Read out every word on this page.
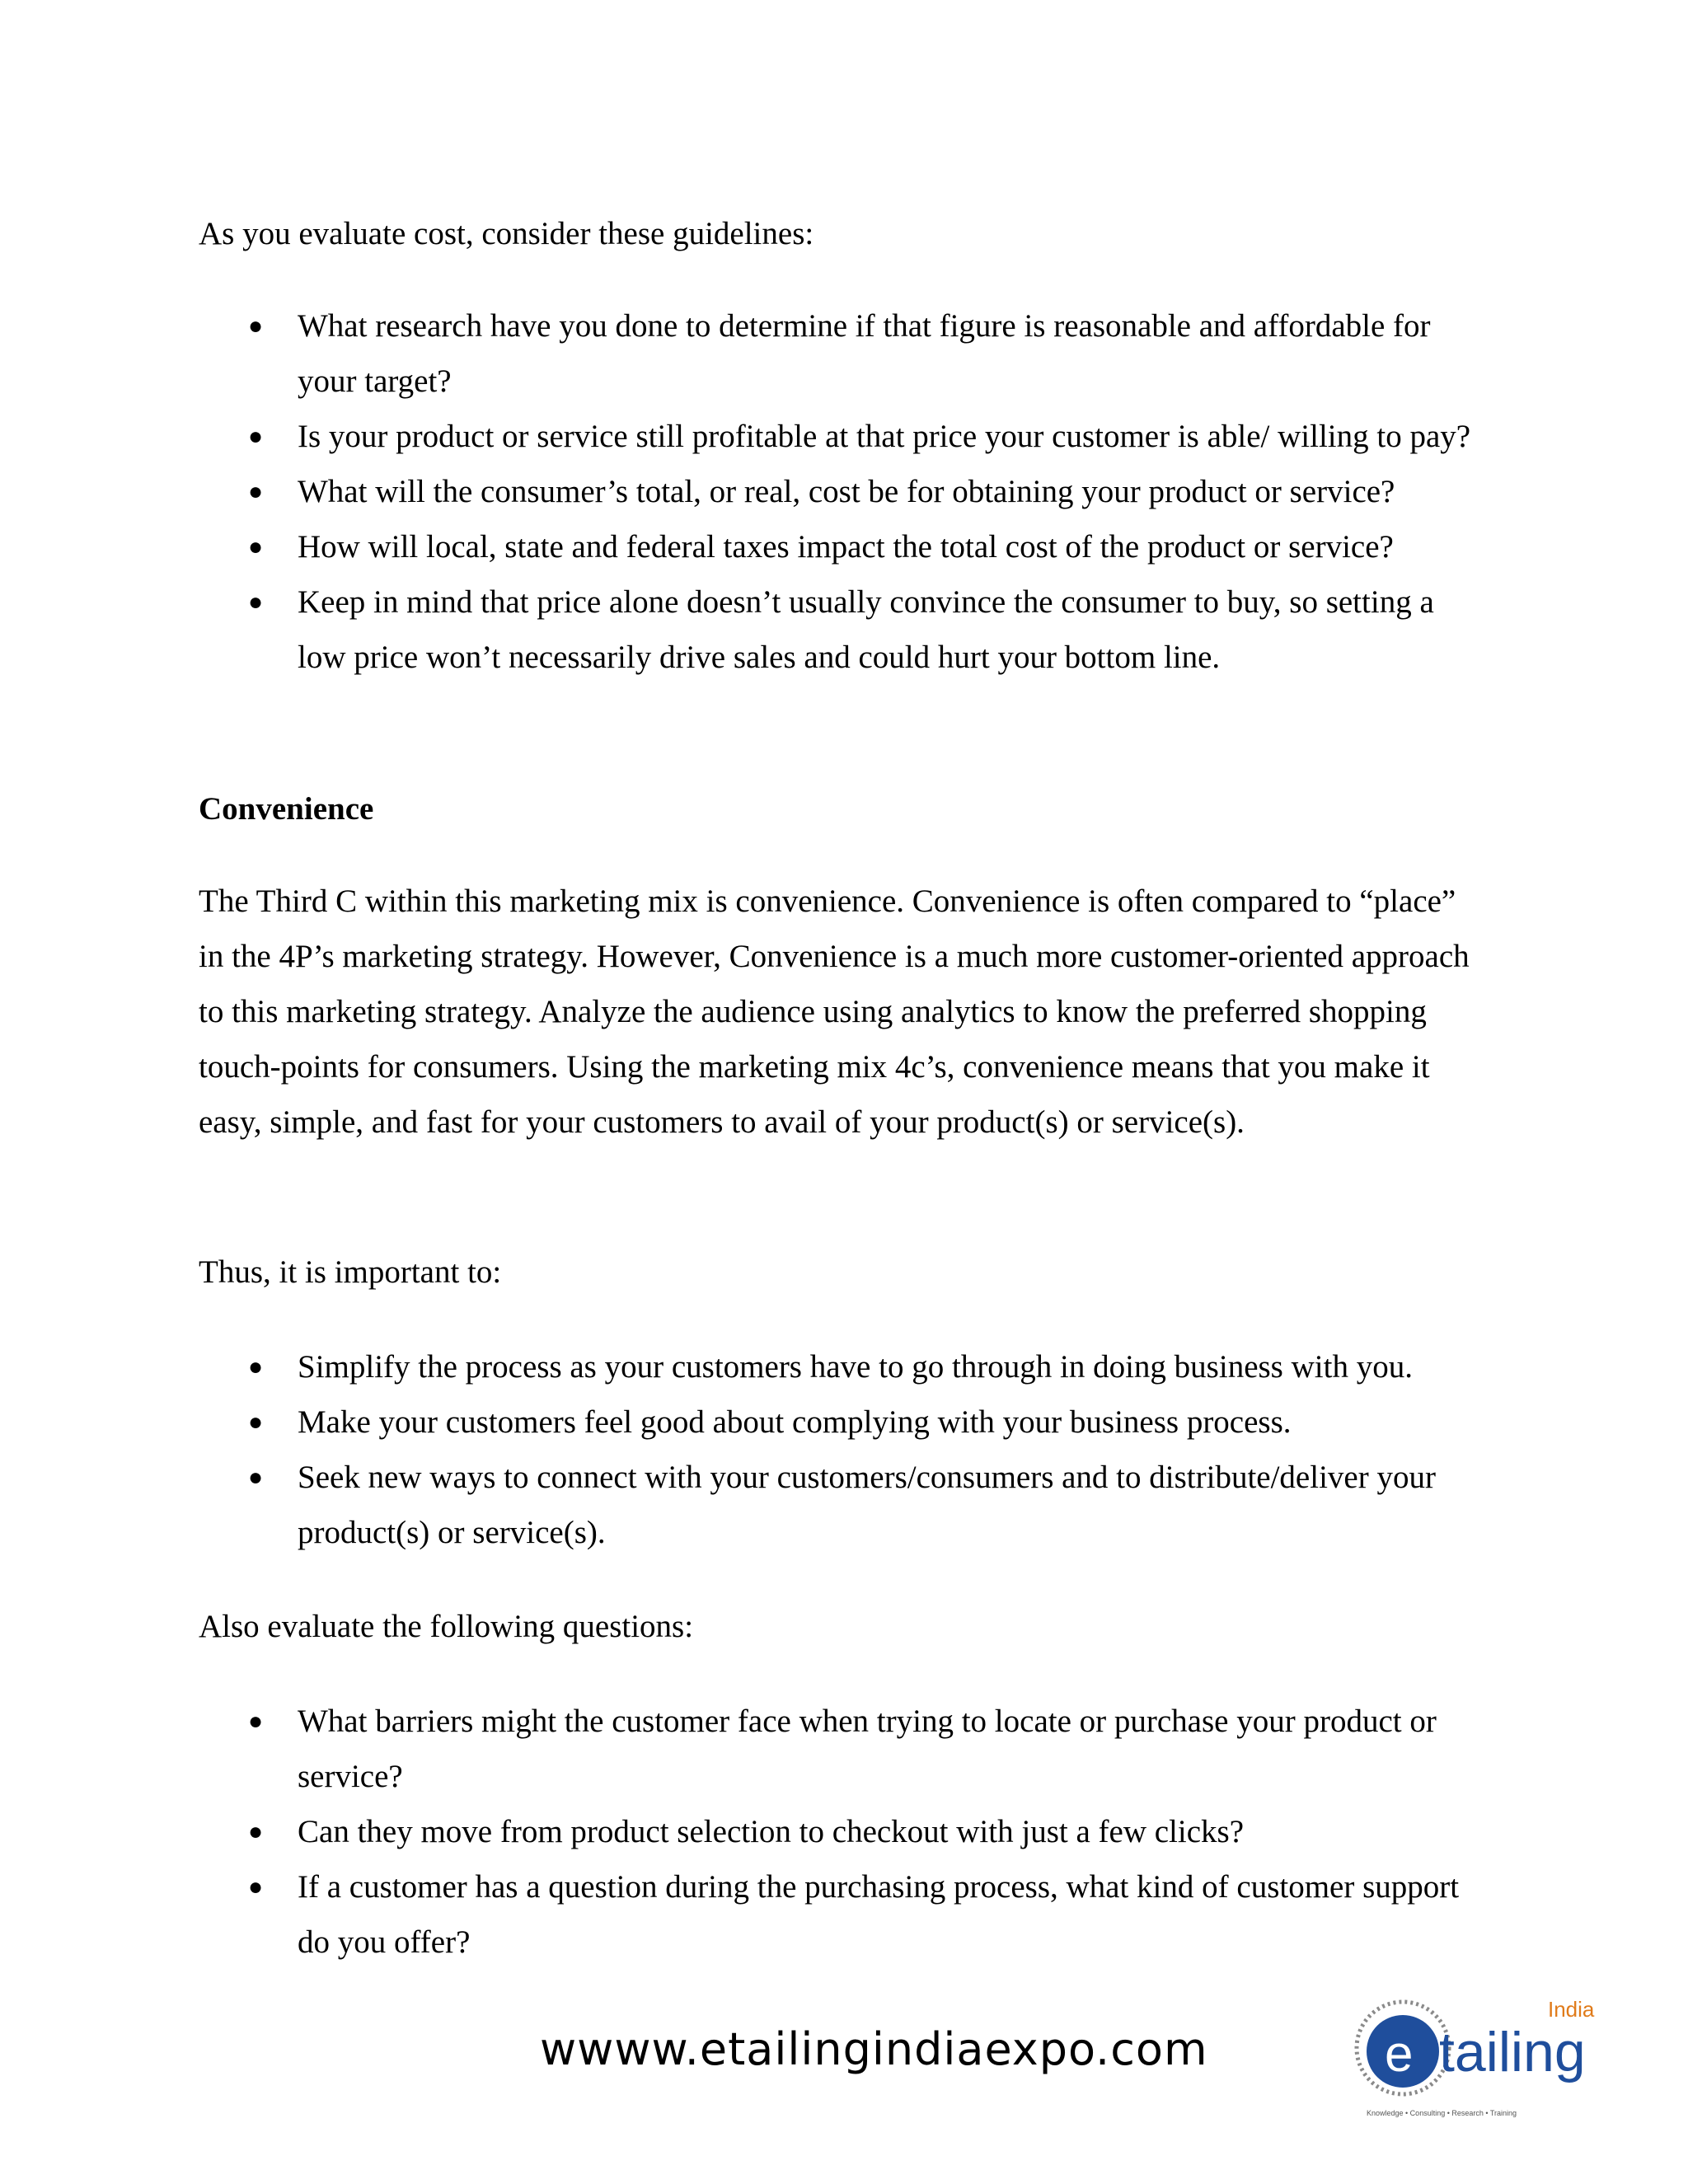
As you evaluate cost, consider these guidelines:

● What research have you done to determine if that figure is reasonable and affordable for your target?
● Is your product or service still profitable at that price your customer is able/ willing to pay?
● What will the consumer’s total, or real, cost be for obtaining your product or service?
● How will local, state and federal taxes impact the total cost of the product or service?
● Keep in mind that price alone doesn’t usually convince the consumer to buy, so setting a low price won’t necessarily drive sales and could hurt your bottom line.

Convenience

The Third C within this marketing mix is convenience. Convenience is often compared to “place” in the 4P’s marketing strategy. However, Convenience is a much more customer-oriented approach to this marketing strategy. Analyze the audience using analytics to know the preferred shopping touch-points for consumers. Using the marketing mix 4c’s, convenience means that you make it easy, simple, and fast for your customers to avail of your product(s) or service(s).

Thus, it is important to:

● Simplify the process as your customers have to go through in doing business with you.
● Make your customers feel good about complying with your business process.
● Seek new ways to connect with your customers/consumers and to distribute/deliver your product(s) or service(s).

Also evaluate the following questions:

● What barriers might the customer face when trying to locate or purchase your product or service?
● Can they move from product selection to checkout with just a few clicks?
● If a customer has a question during the purchasing process, what kind of customer support do you offer?
wwww.etailingindiaexpo.com	e tailing
India
Knowledge • Consulting • Research • Training
